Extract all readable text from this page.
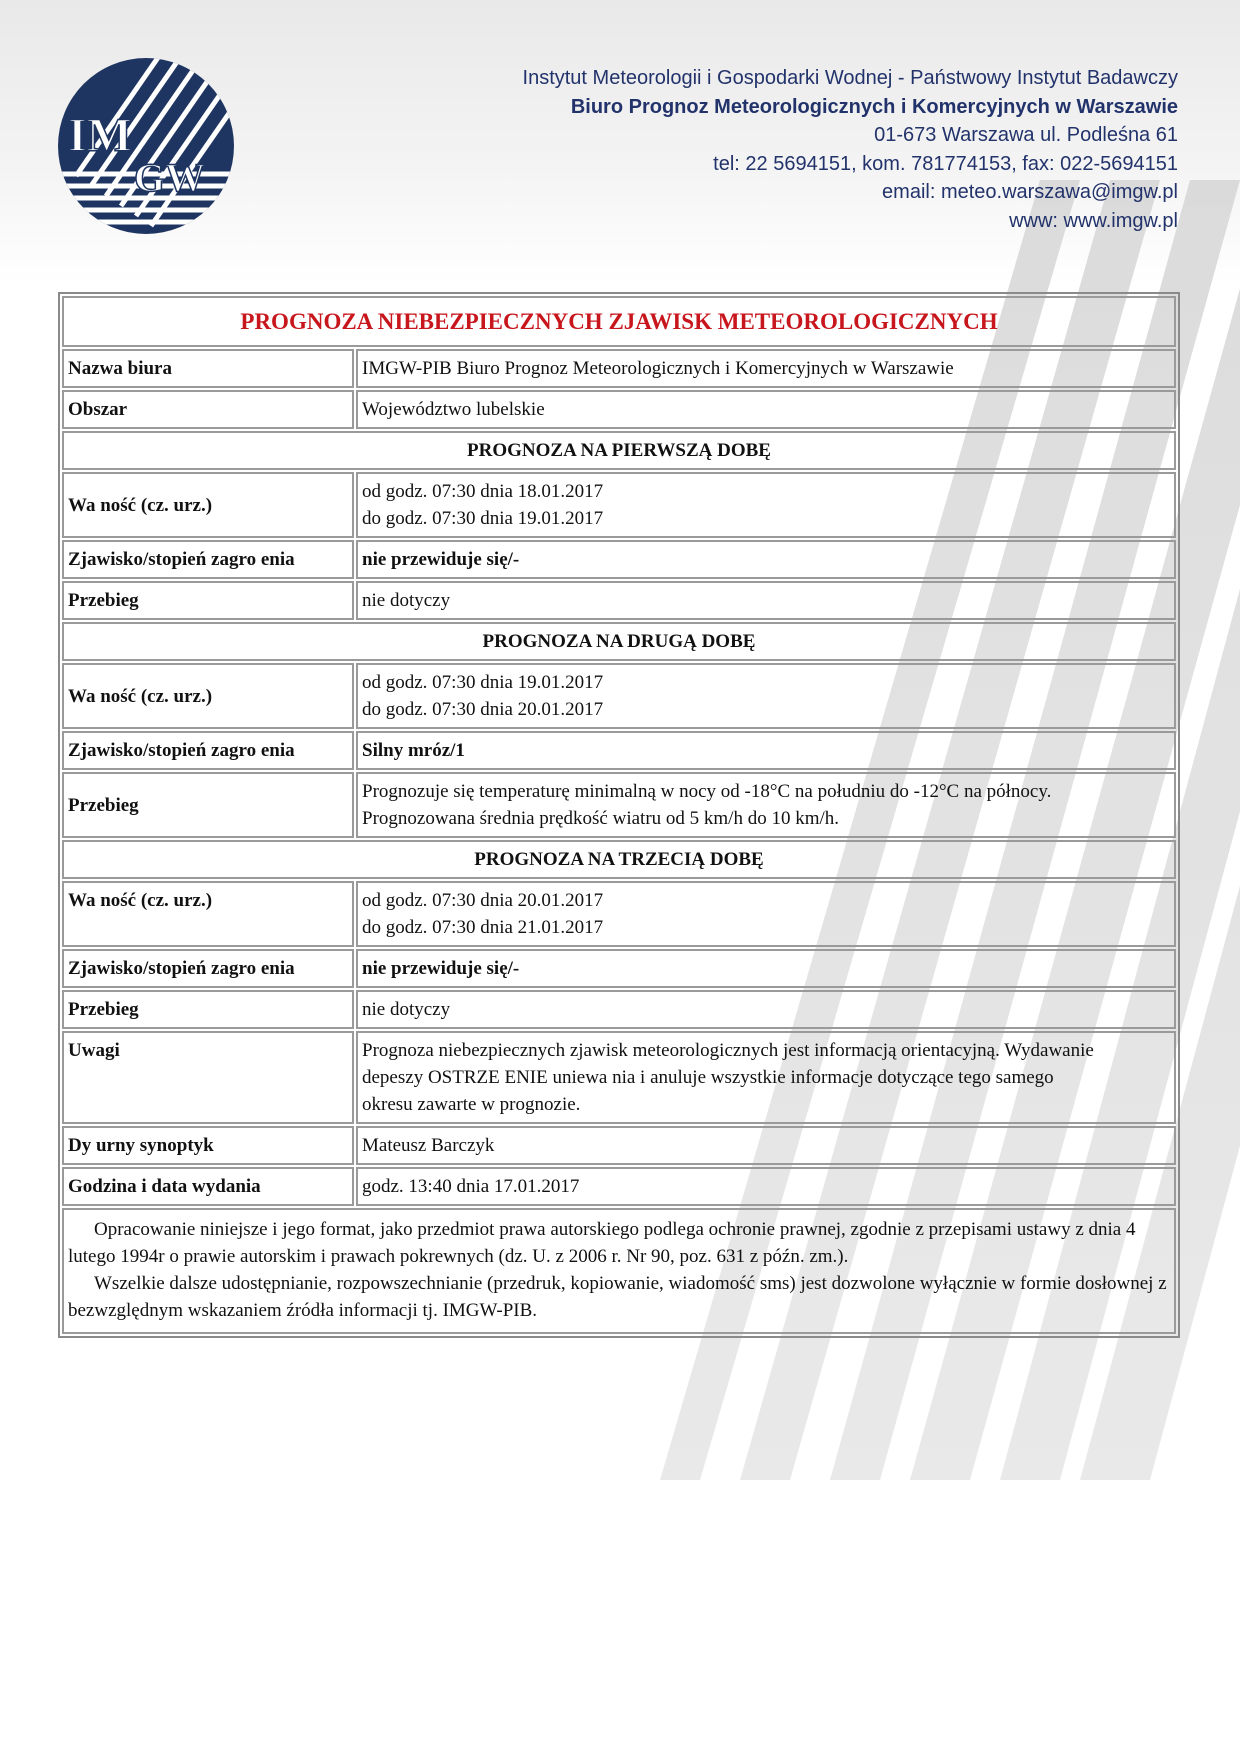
IM
GW
Instytut Meteorologii i Gospodarki Wodnej - Państwowy Instytut Badawczy
Biuro Prognoz Meteorologicznych i Komercyjnych w Warszawie
01-673 Warszawa ul. Podleśna 61
tel: 22 5694151, kom. 781774153, fax: 022-5694151
email: meteo.warszawa@imgw.pl
www: www.imgw.pl
PROGNOZA NIEBEZPIECZNYCH ZJAWISK METEOROLOGICZNYCH	
Nazwa biura	IMGW-PIB Biuro Prognoz Meteorologicznych i Komercyjnych w Warszawie
Obszar	Województwo lubelskie
PROGNOZA NA PIERWSZĄ DOBĘ	
Wa ność (cz. urz.)	od godz. 07:30 dnia 18.01.2017
do godz. 07:30 dnia 19.01.2017

Zjawisko/stopień zagro enia	nie przewiduje się/-
Przebieg	nie dotyczy
PROGNOZA NA DRUGĄ DOBĘ	
Wa ność (cz. urz.)	od godz. 07:30 dnia 19.01.2017
do godz. 07:30 dnia 20.01.2017

Zjawisko/stopień zagro enia	Silny mróz/1
Przebieg	Prognozuje się temperaturę minimalną w nocy od -18°C na południu do -12°C na północy.
Prognozowana średnia prędkość wiatru od 5 km/h do 10 km/h.

PROGNOZA NA TRZECIĄ DOBĘ	
Wa ność (cz. urz.)	od godz. 07:30 dnia 20.01.2017
do godz. 07:30 dnia 21.01.2017

Zjawisko/stopień zagro enia	nie przewiduje się/-
Przebieg	nie dotyczy
Uwagi	Prognoza niebezpiecznych zjawisk meteorologicznych jest informacją orientacyjną. Wydawanie
depeszy OSTRZE ENIE uniewa nia i anuluje wszystkie informacje dotyczące tego samego
okresu zawarte w prognozie.

Dy urny synoptyk	Mateusz Barczyk
Godzina i data wydania	godz. 13:40 dnia 17.01.2017

Opracowanie niniejsze i jego format, jako przedmiot prawa autorskiego podlega ochronie prawnej, zgodnie z przepisami ustawy z dnia 4 lutego 1994r o prawie autorskim i prawach pokrewnych (dz. U. z 2006 r. Nr 90, poz. 631 z późn. zm.).

Wszelkie dalsze udostępnianie, rozpowszechnianie (przedruk, kopiowanie, wiadomość sms) jest dozwolone wyłącznie w formie dosłownej z bezwzględnym wskazaniem źródła informacji tj. IMGW-PIB.	
